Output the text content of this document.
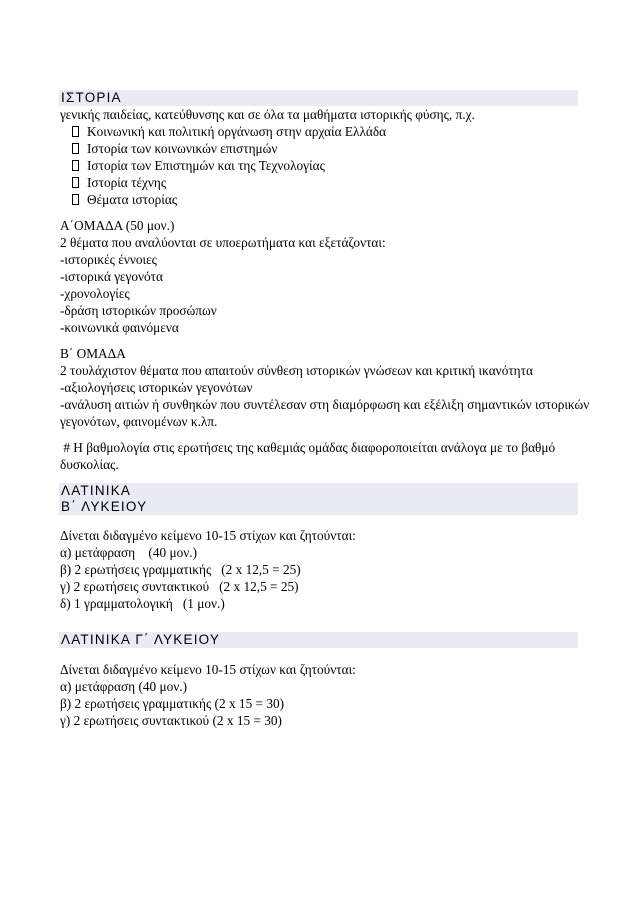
ΙΣΤΟΡΙΑ
γενικής παιδείας, κατεύθυνσης και σε όλα τα μαθήματα ιστορικής φύσης, π.χ.
Κοινωνική και πολιτική οργάνωση στην αρχαία Ελλάδα
Ιστορία των κοινωνικών επιστημών
Ιστορία των Επιστημών και της Τεχνολογίας
Ιστορία τέχνης
Θέματα ιστορίας
Α΄ΟΜΑΔΑ (50 μον.)
2 θέματα που αναλύονται σε υποερωτήματα και εξετάζονται:
-ιστορικές έννοιες
-ιστορικά γεγονότα
-χρονολογίες
-δράση ιστορικών προσώπων
-κοινωνικά φαινόμενα
Β΄ ΟΜΑΔΑ
2 τουλάχιστον θέματα που απαιτούν σύνθεση ιστορικών γνώσεων και κριτική ικανότητα
-αξιολογήσεις ιστορικών γεγονότων
-ανάλυση αιτιών ή συνθηκών που συντέλεσαν στη διαμόρφωση και εξέλιξη σημαντικών ιστορικών
γεγονότων, φαινομένων κ.λπ.
# Η βαθμολογία στις ερωτήσεις της καθεμιάς ομάδας διαφοροποιείται ανάλογα με το βαθμό
δυσκολίας.
ΛΑΤΙΝΙΚΑ
Β΄ ΛΥΚΕΙΟΥ
Δίνεται διδαγμένο κείμενο 10-15 στίχων και ζητούνται:
α) μετάφραση    (40 μον.)
β) 2 ερωτήσεις γραμματικής   (2 x 12,5 = 25)
γ) 2 ερωτήσεις συντακτικού   (2 x 12,5 = 25)
δ) 1 γραμματολογική   (1 μον.)
ΛΑΤΙΝΙΚΑ Γ΄ ΛΥΚΕΙΟΥ
Δίνεται διδαγμένο κείμενο 10-15 στίχων και ζητούνται:
α) μετάφραση (40 μον.)
β) 2 ερωτήσεις γραμματικής (2 x 15 = 30)
γ) 2 ερωτήσεις συντακτικού (2 x 15 = 30)
